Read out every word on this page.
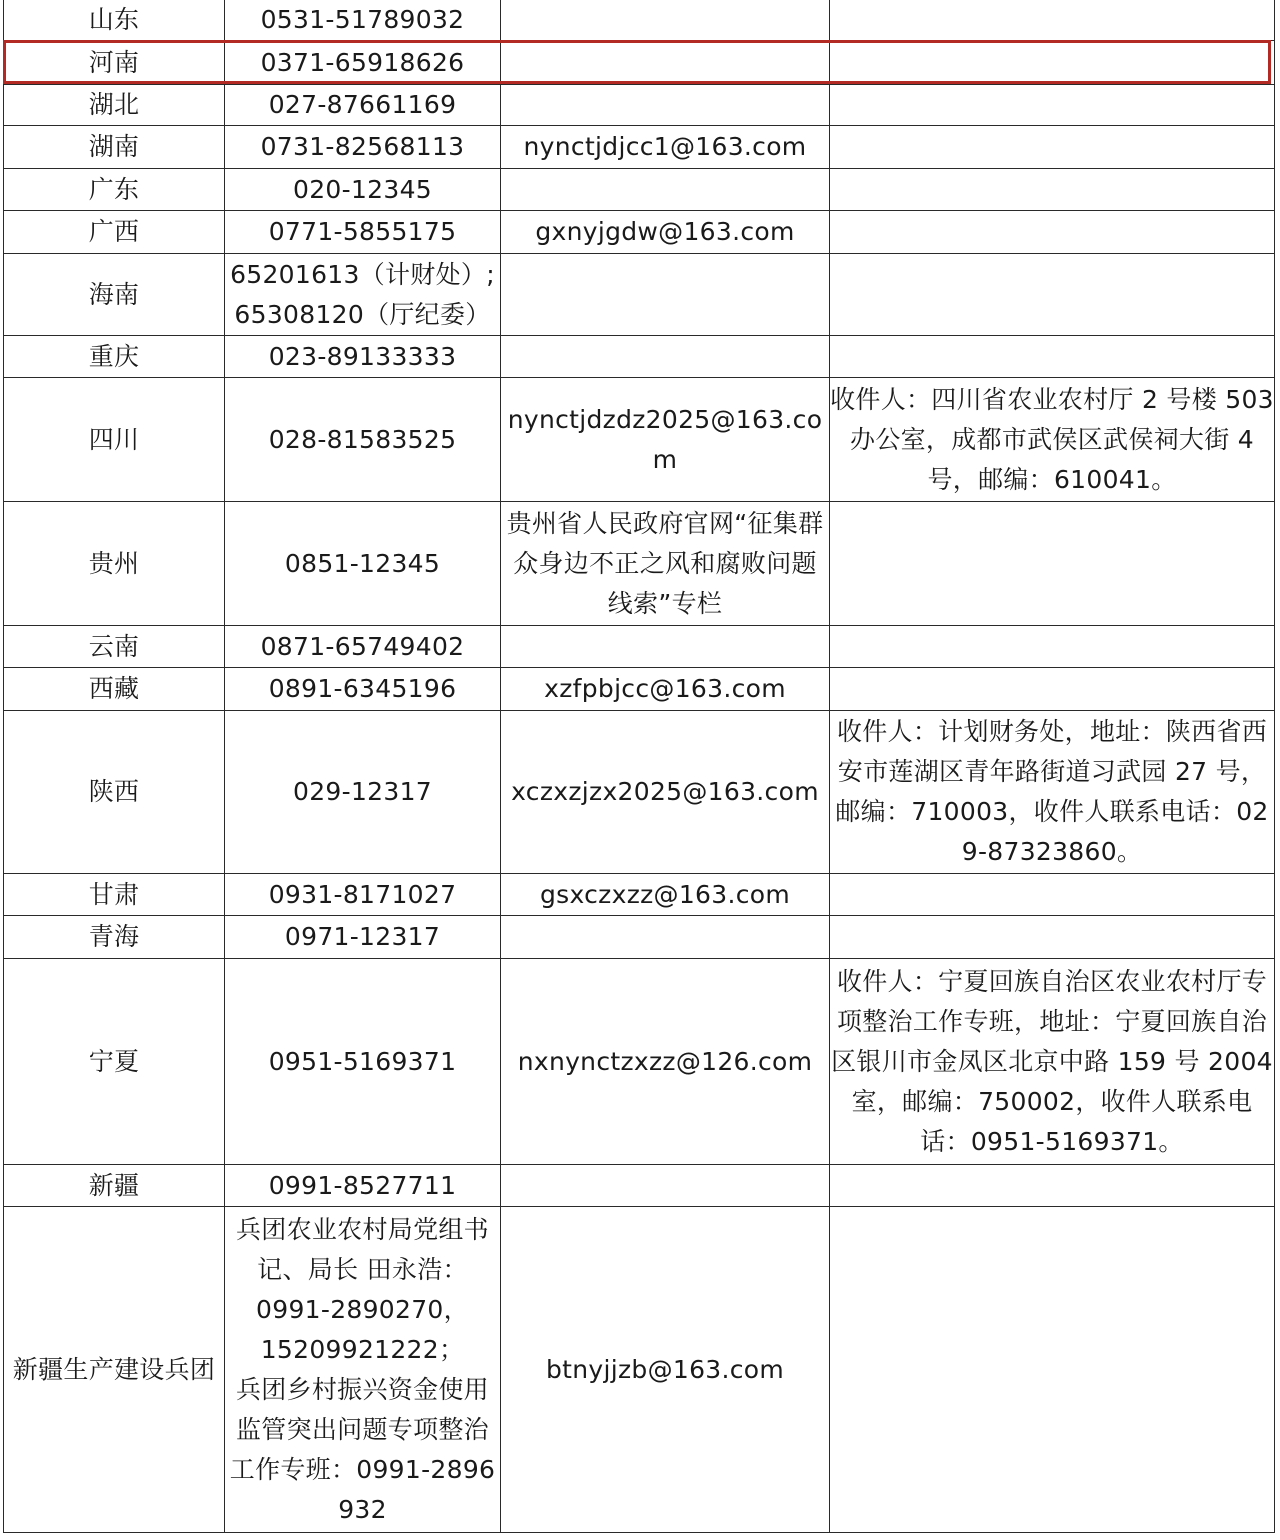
山东	0531-51789032		

河南	0371-65918626		

湖北	027-87661169		

湖南	0731-82568113	nynctjdjcc1@163.com	
广东	020-12345		

广西	0771-5855175	gxnyjgdw@163.com	
海南	65201613（计财处）;
65308120（厅纪委）		

重庆	023-89133333		

四川	028-81583525	nynctjdzdz2025@163.com	收件人：四川省农业农村厅 2 号楼 503 办公室，成都市武侯区武侯祠大街 4 号，邮编：610041。
贵州	0851-12345	贵州省人民政府官网“征集群众身边不正之风和腐败问题线索”专栏	
云南	0871-65749402		

西藏	0891-6345196	xzfpbjcc@163.com	
陕西	029-12317	xczxzjzx2025@163.com	收件人：计划财务处，地址：陕西省西安市莲湖区青年路街道习武园 27 号，邮编：710003，收件人联系电话：029-87323860。
甘肃	0931-8171027	gsxczxzz@163.com	
青海	0971-12317		

宁夏	0951-5169371	nxnynctzxzz@126.com	收件人：宁夏回族自治区农业农村厅专项整治工作专班，地址：宁夏回族自治区银川市金凤区北京中路 159 号 2004 室，邮编：750002，收件人联系电话：0951-5169371。
新疆	0991-8527711		

新疆生产建设兵团	兵团农业农村局党组书记、局长 田永浩：
0991-2890270，
15209921222；
兵团乡村振兴资金使用监管突出问题专项整治工作专班：0991-2896932	btnyjjzb@163.com	
